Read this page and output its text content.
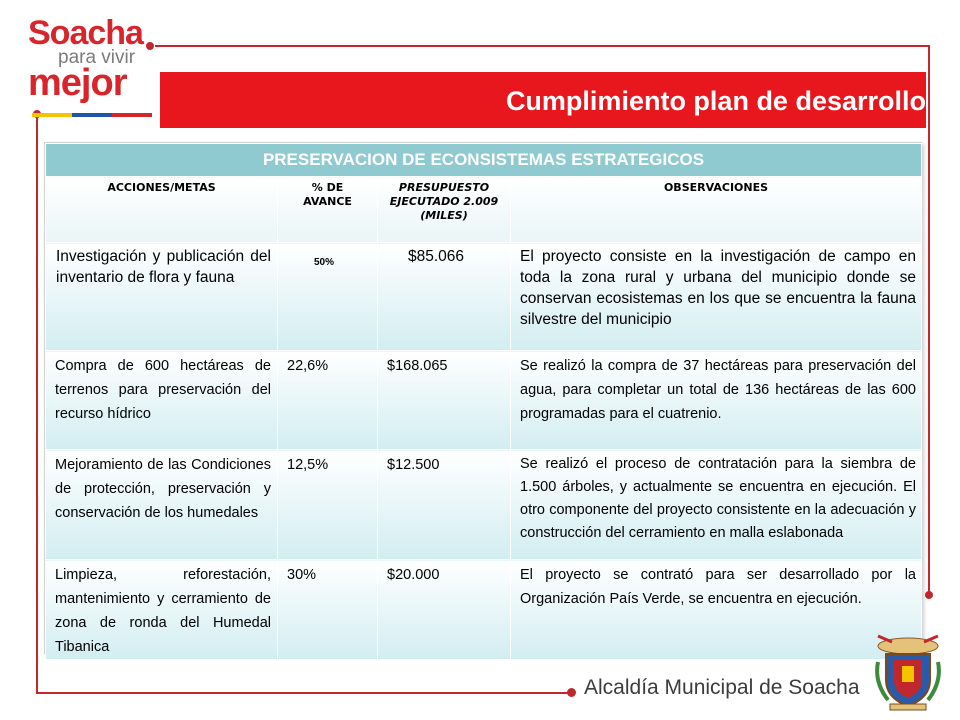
Soacha
para vivir
mejor	Cumplimiento plan de desarrollo
PRESERVACION DE ECONSISTEMAS ESTRATEGICOS			
ACCIONES/METAS	% DE AVANCE	PRESUPUESTO EJECUTADO 2.009 (MILES)	OBSERVACIONES

Investigación y publicación del inventario de flora y fauna	50%	$85.066	El proyecto consiste en la investigación de campo en toda la zona rural y urbana del municipio donde se conservan ecosistemas en los que se encuentra la fauna silvestre del municipio

Compra de 600 hectáreas de terrenos para preservación del recurso hídrico	22,6%	$168.065	Se realizó la compra de 37 hectáreas para preservación del agua, para completar un total de 136 hectáreas de las 600 programadas para el cuatrenio.

Mejoramiento de las Condiciones de protección, preservación y conservación de los humedales	12,5%	$12.500	Se realizó el proceso de contratación para la siembra de 1.500 árboles, y actualmente se encuentra en ejecución. El otro componente del proyecto consistente en la adecuación y construcción del cerramiento en malla eslabonada

Limpieza, reforestación, mantenimiento y cerramiento de zona de ronda del Humedal Tibanica	30%	$20.000	El proyecto se contrató para ser desarrollado por la Organización País Verde, se encuentra en ejecución.
Alcaldía Municipal de Soacha
